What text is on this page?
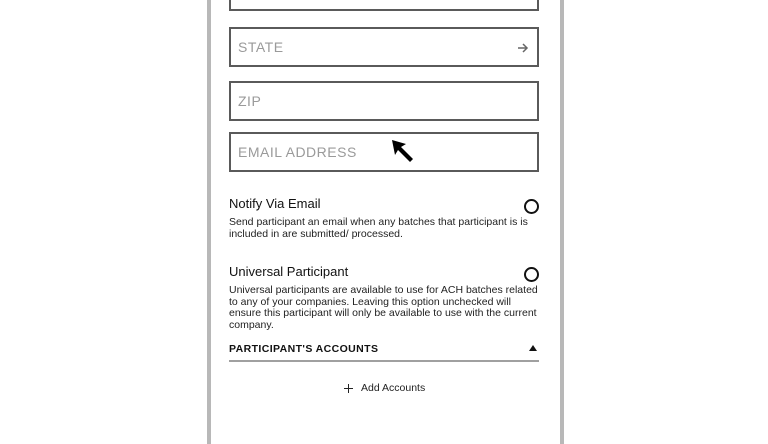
STATE
ZIP
EMAIL ADDRESS
Notify Via Email
Send participant an email when any batches that participant is is included in are submitted/ processed.
Universal Participant
Universal participants are available to use for ACH batches related to any of your companies. Leaving this option unchecked will ensure this participant will only be available to use with the current company.
PARTICIPANT'S ACCOUNTS
Add Accounts
